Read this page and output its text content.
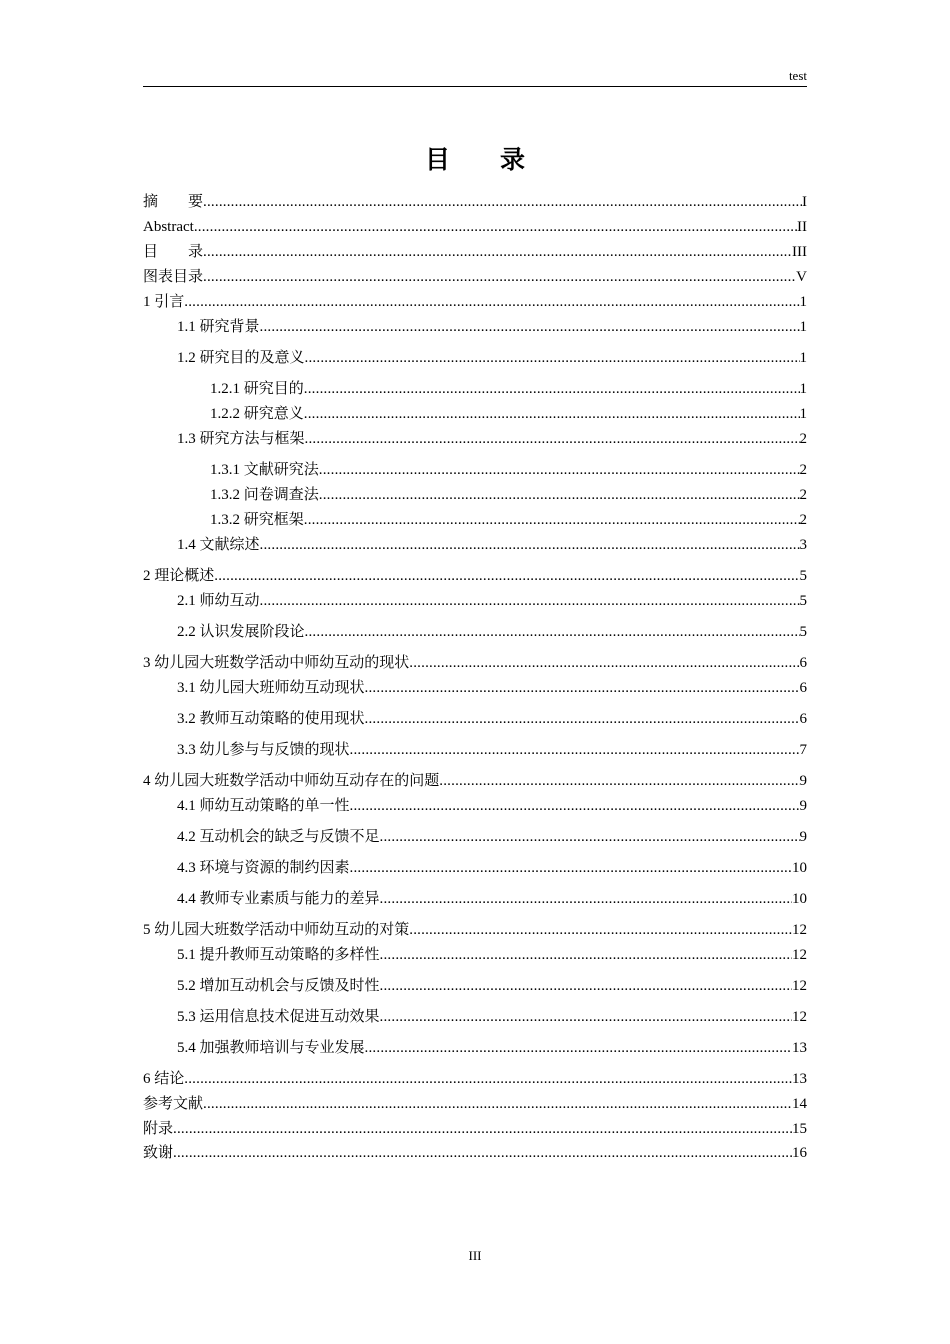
test
目　　录
摘　　要 .....	I
Abstract .....	II
目　　录 .....	III
图表目录 .....	V
1 引言 .....	1
1.1 研究背景 .....	1
1.2 研究目的及意义 .....	1
1.2.1 研究目的 .....	1
1.2.2 研究意义 .....	1
1.3 研究方法与框架 .....	2
1.3.1 文献研究法 .....	2
1.3.2 问卷调查法 .....	2
1.3.2 研究框架 .....	2
1.4 文献综述 .....	3
2 理论概述 .....	5
2.1 师幼互动 .....	5
2.2 认识发展阶段论 .....	5
3 幼儿园大班数学活动中师幼互动的现状 .....	6
3.1 幼儿园大班师幼互动现状 .....	6
3.2 教师互动策略的使用现状 .....	6
3.3 幼儿参与与反馈的现状 .....	7
4 幼儿园大班数学活动中师幼互动存在的问题 .....	9
4.1 师幼互动策略的单一性 .....	9
4.2 互动机会的缺乏与反馈不足 .....	9
4.3 环境与资源的制约因素 .....	10
4.4 教师专业素质与能力的差异 .....	10
5 幼儿园大班数学活动中师幼互动的对策 .....	12
5.1 提升教师互动策略的多样性 .....	12
5.2 增加互动机会与反馈及时性 .....	12
5.3 运用信息技术促进互动效果 .....	12
5.4 加强教师培训与专业发展 .....	13
6 结论 .....	13
参考文献 .....	14
附录 .....	15
致谢 .....	16
III
